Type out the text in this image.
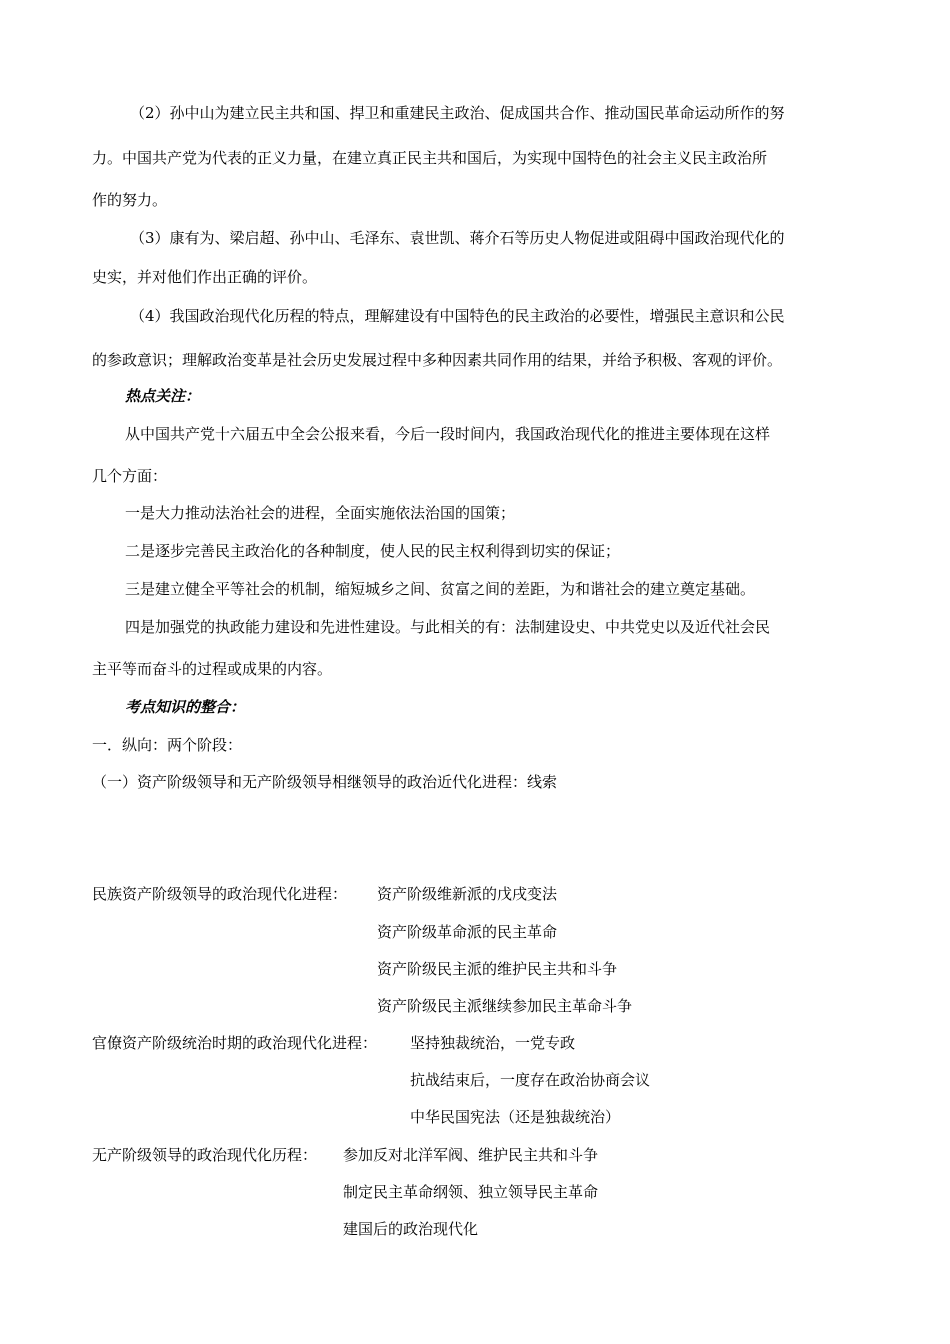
（2）孙中山为建立民主共和国、捍卫和重建民主政治、促成国共合作、推动国民革命运动所作的努
力。中国共产党为代表的正义力量，在建立真正民主共和国后，为实现中国特色的社会主义民主政治所
作的努力。
（3）康有为、梁启超、孙中山、毛泽东、袁世凯、蒋介石等历史人物促进或阻碍中国政治现代化的
史实，并对他们作出正确的评价。
（4）我国政治现代化历程的特点，理解建设有中国特色的民主政治的必要性，增强民主意识和公民
的参政意识；理解政治变革是社会历史发展过程中多种因素共同作用的结果，并给予积极、客观的评价。
热点关注：
从中国共产党十六届五中全会公报来看，今后一段时间内，我国政治现代化的推进主要体现在这样
几个方面：
一是大力推动法治社会的进程，全面实施依法治国的国策；
二是逐步完善民主政治化的各种制度，使人民的民主权利得到切实的保证；
三是建立健全平等社会的机制，缩短城乡之间、贫富之间的差距，为和谐社会的建立奠定基础。
四是加强党的执政能力建设和先进性建设。与此相关的有：法制建设史、中共党史以及近代社会民
主平等而奋斗的过程或成果的内容。
考点知识的整合：
一．纵向：两个阶段：
（一）资产阶级领导和无产阶级领导相继领导的政治近代化进程：线索
民族资产阶级领导的政治现代化进程： 资产阶级维新派的戊戌变法
资产阶级革命派的民主革命
资产阶级民主派的维护民主共和斗争
资产阶级民主派继续参加民主革命斗争
官僚资产阶级统治时期的政治现代化进程： 坚持独裁统治，一党专政
抗战结束后，一度存在政治协商会议
中华民国宪法（还是独裁统治）
无产阶级领导的政治现代化历程： 参加反对北洋军阀、维护民主共和斗争
制定民主革命纲领、独立领导民主革命
建国后的政治现代化
